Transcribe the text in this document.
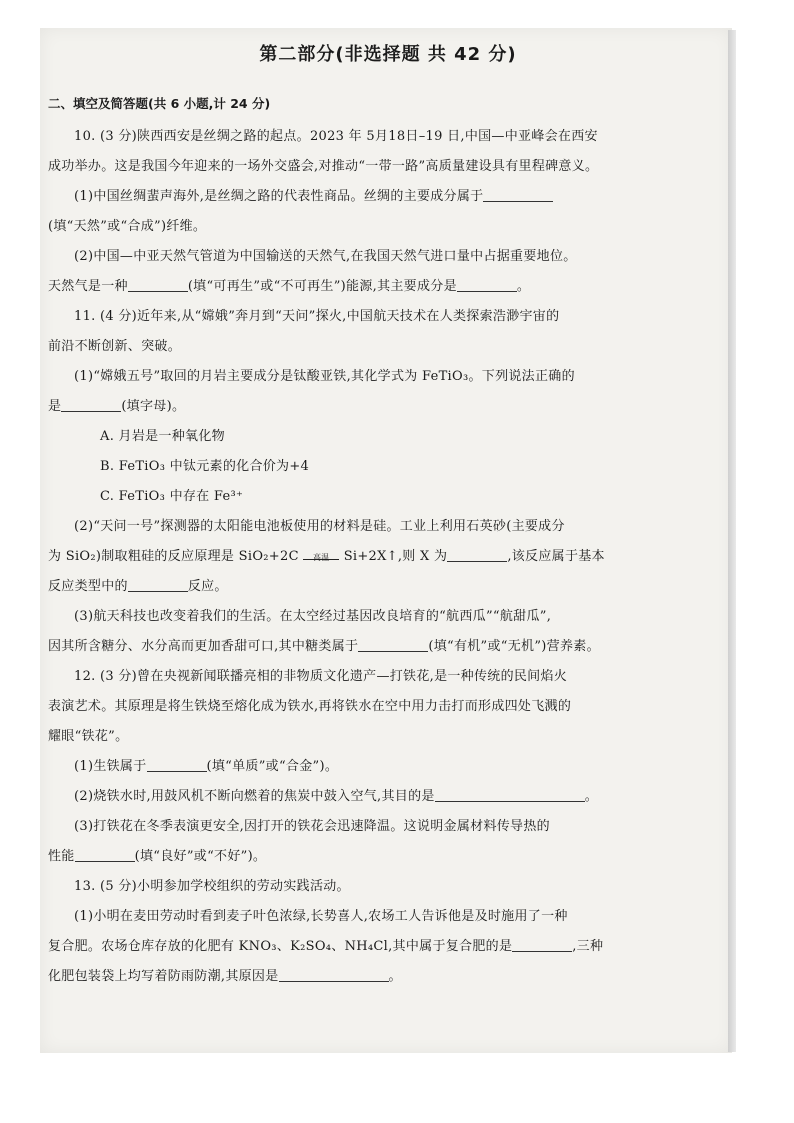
第二部分(非选择题 共 42 分)
二、填空及简答题(共 6 小题,计 24 分)

10. (3 分)陕西西安是丝绸之路的起点。2023 年 5月18日–19 日,中国—中亚峰会在西安

成功举办。这是我国今年迎来的一场外交盛会,对推动“一带一路”高质量建设具有里程碑意义。

(1)中国丝绸蜚声海外,是丝绸之路的代表性商品。丝绸的主要成分属于

(填“天然”或“合成”)纤维。

(2)中国—中亚天然气管道为中国输送的天然气,在我国天然气进口量中占据重要地位。

天然气是一种	(填“可再生”或“不可再生”)能源,其主要成分是	。

11. (4 分)近年来,从“嫦娥”奔月到“天问”探火,中国航天技术在人类探索浩渺宇宙的

前沿不断创新、突破。

(1)“嫦娥五号”取回的月岩主要成分是钛酸亚铁,其化学式为 FeTiO₃。下列说法正确的

是	(填字母)。

A. 月岩是一种氧化物

B. FeTiO₃ 中钛元素的化合价为+4

C. FeTiO₃ 中存在 Fe³⁺

(2)“天问一号”探测器的太阳能电池板使用的材料是硅。工业上利用石英砂(主要成分

为 SiO₂)制取粗硅的反应原理是 SiO₂+2C	高温	Si+2X↑,则 X 为	,该反应属于基本

反应类型中的	反应。

(3)航天科技也改变着我们的生活。在太空经过基因改良培育的“航西瓜”“航甜瓜”,

因其所含糖分、水分高而更加香甜可口,其中糖类属于	(填“有机”或“无机”)营养素。

12. (3 分)曾在央视新闻联播亮相的非物质文化遗产—打铁花,是一种传统的民间焰火

表演艺术。其原理是将生铁烧至熔化成为铁水,再将铁水在空中用力击打而形成四处飞溅的

耀眼“铁花”。

(1)生铁属于	(填“单质”或“合金”)。

(2)烧铁水时,用鼓风机不断向燃着的焦炭中鼓入空气,其目的是	。

(3)打铁花在冬季表演更安全,因打开的铁花会迅速降温。这说明金属材料传导热的

性能	(填“良好”或“不好”)。

13. (5 分)小明参加学校组织的劳动实践活动。

(1)小明在麦田劳动时看到麦子叶色浓绿,长势喜人,农场工人告诉他是及时施用了一种

复合肥。农场仓库存放的化肥有 KNO₃、K₂SO₄、NH₄Cl,其中属于复合肥的是	,三种

化肥包装袋上均写着防雨防潮,其原因是	。
